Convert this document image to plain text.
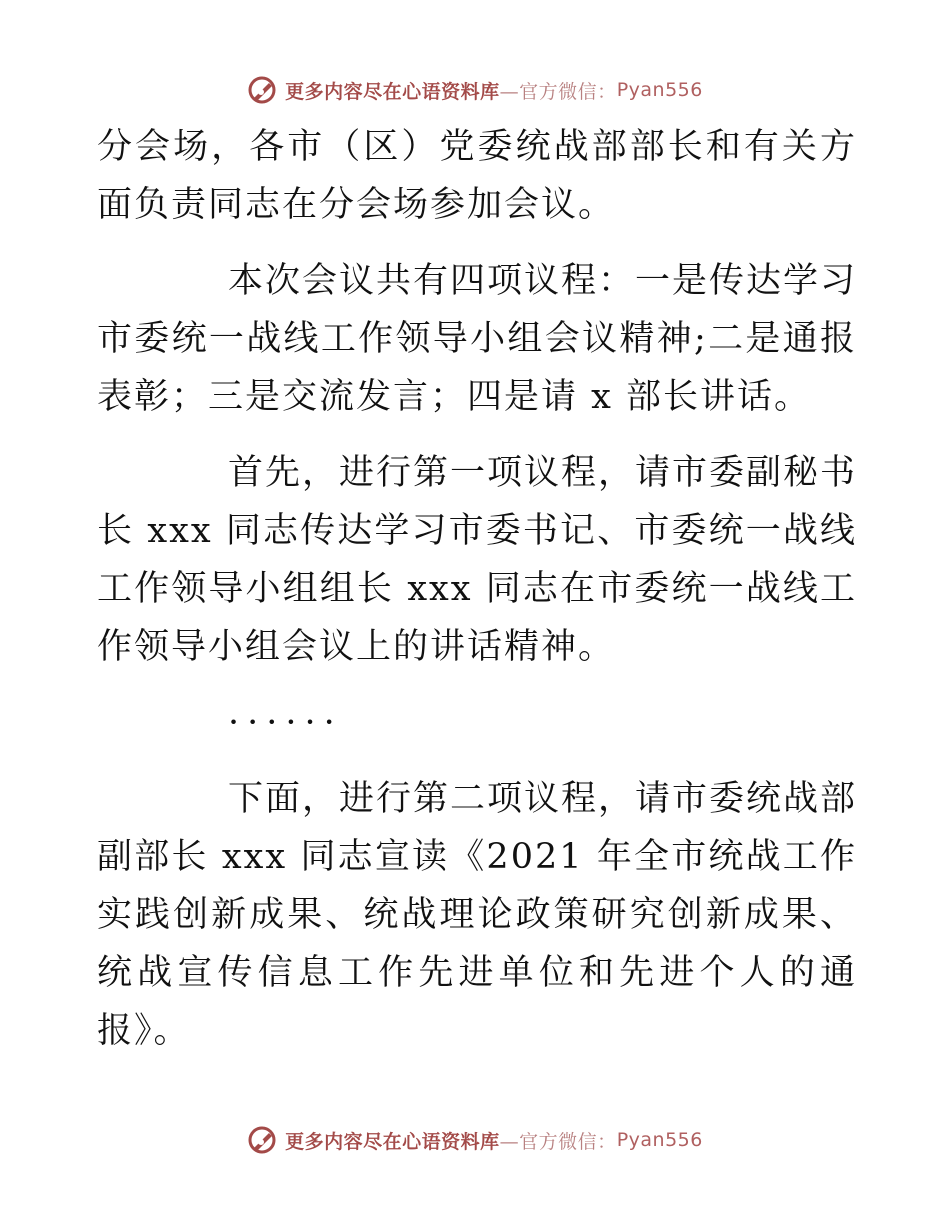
更多内容尽在心语资料库 —官方微信： Pyan556

分会场，各市（区）党委统战部部长和有关方面负责同志在分会场参加会议。

本次会议共有四项议程：一是传达学习市委统一战线工作领导小组会议精神;二是通报表彰；三是交流发言；四是请 x 部长讲话。

首先，进行第一项议程，请市委副秘书长 xxx 同志传达学习市委书记、市委统一战线工作领导小组组长 xxx 同志在市委统一战线工作领导小组会议上的讲话精神。

······

下面，进行第二项议程，请市委统战部副部长 xxx 同志宣读《2021 年全市统战工作实践创新成果、统战理论政策研究创新成果、统战宣传信息工作先进单位和先进个人的通报》。

更多内容尽在心语资料库 —官方微信： Pyan556
